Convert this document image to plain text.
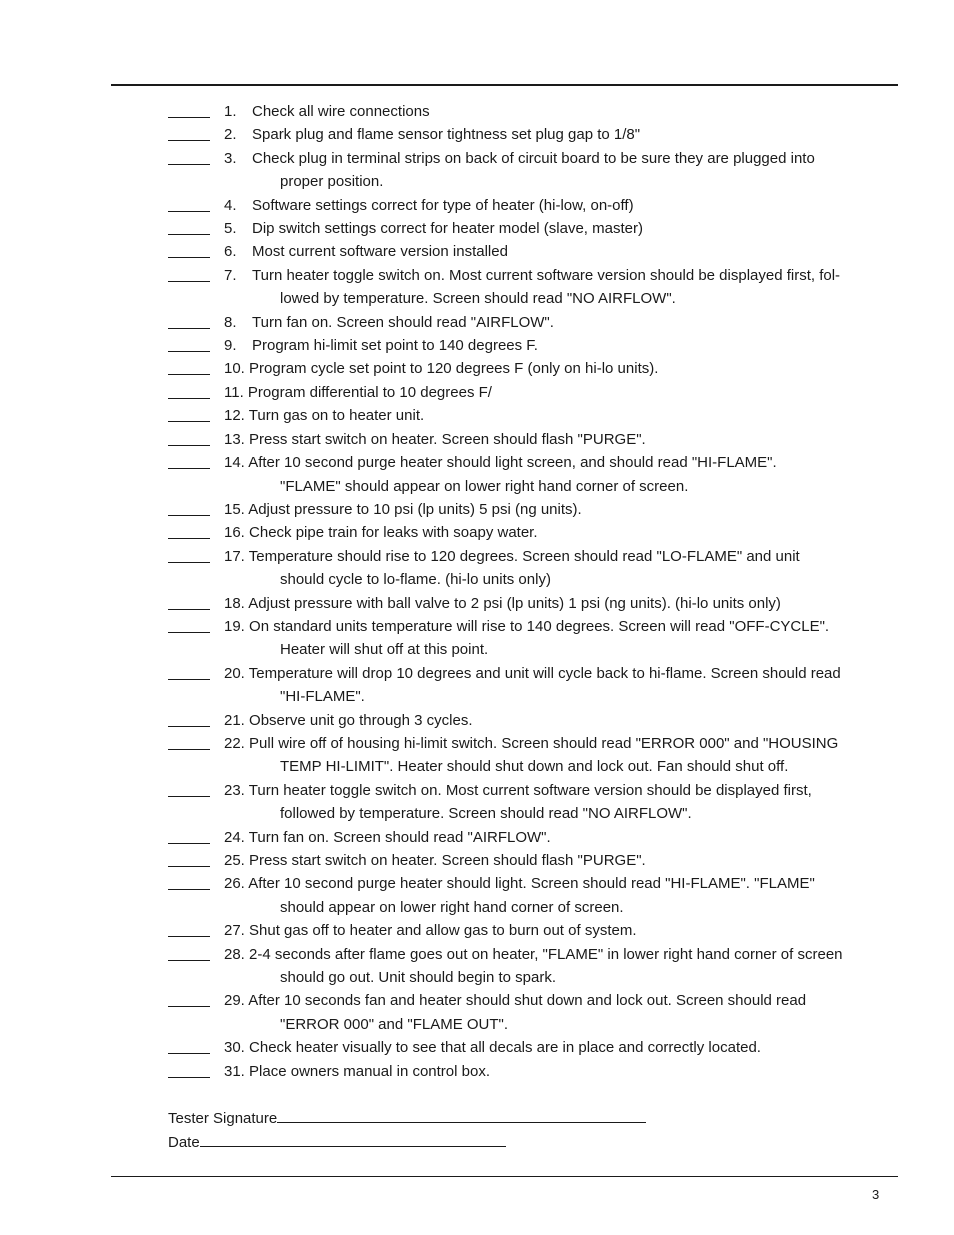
1. Check all wire connections
2. Spark plug and flame sensor tightness set plug gap to 1/8"
3. Check plug in terminal strips on back of circuit board to be sure they are plugged into
proper position.
4. Software settings correct for type of heater (hi-low, on-off)
5. Dip switch settings correct for heater model (slave, master)
6. Most current software version installed
7. Turn heater toggle switch on. Most current software version should be displayed first, fol-
lowed by temperature. Screen should read "NO AIRFLOW".
8. Turn fan on. Screen should read "AIRFLOW".
9. Program hi-limit set point to 140 degrees F.
10. Program cycle set point to 120 degrees F (only on hi-lo units).
11. Program differential to 10 degrees F/
12. Turn gas on to heater unit.
13. Press start switch on heater. Screen should flash "PURGE".
14. After 10 second purge heater should light screen, and should read "HI-FLAME".
"FLAME" should appear on lower right hand corner of screen.
15. Adjust pressure to 10 psi (lp units) 5 psi (ng units).
16. Check pipe train for leaks with soapy water.
17. Temperature should rise to 120 degrees. Screen should read "LO-FLAME" and unit
should cycle to lo-flame. (hi-lo units only)
18. Adjust pressure with ball valve to 2 psi (lp units) 1 psi (ng units). (hi-lo units only)
19. On standard units temperature will rise to 140 degrees. Screen will read "OFF-CYCLE".
Heater will shut off at this point.
20. Temperature will drop 10 degrees and unit will cycle back to hi-flame. Screen should read
"HI-FLAME".
21. Observe unit go through 3 cycles.
22. Pull wire off of housing hi-limit switch. Screen should read "ERROR 000" and "HOUSING
TEMP HI-LIMIT". Heater should shut down and lock out. Fan should shut off.
23. Turn heater toggle switch on. Most current software version should be displayed first,
followed by temperature. Screen should read "NO AIRFLOW".
24. Turn fan on. Screen should read "AIRFLOW".
25. Press start switch on heater. Screen should flash "PURGE".
26. After 10 second purge heater should light. Screen should read "HI-FLAME". "FLAME"
should appear on lower right hand corner of screen.
27. Shut gas off to heater and allow gas to burn out of system.
28. 2-4 seconds after flame goes out on heater, "FLAME" in lower right hand corner of screen
should go out. Unit should begin to spark.
29. After 10 seconds fan and heater should shut down and lock out. Screen should read
"ERROR 000" and "FLAME OUT".
30. Check heater visually to see that all decals are in place and correctly located.
31. Place owners manual in control box.
Tester Signature
Date
3
